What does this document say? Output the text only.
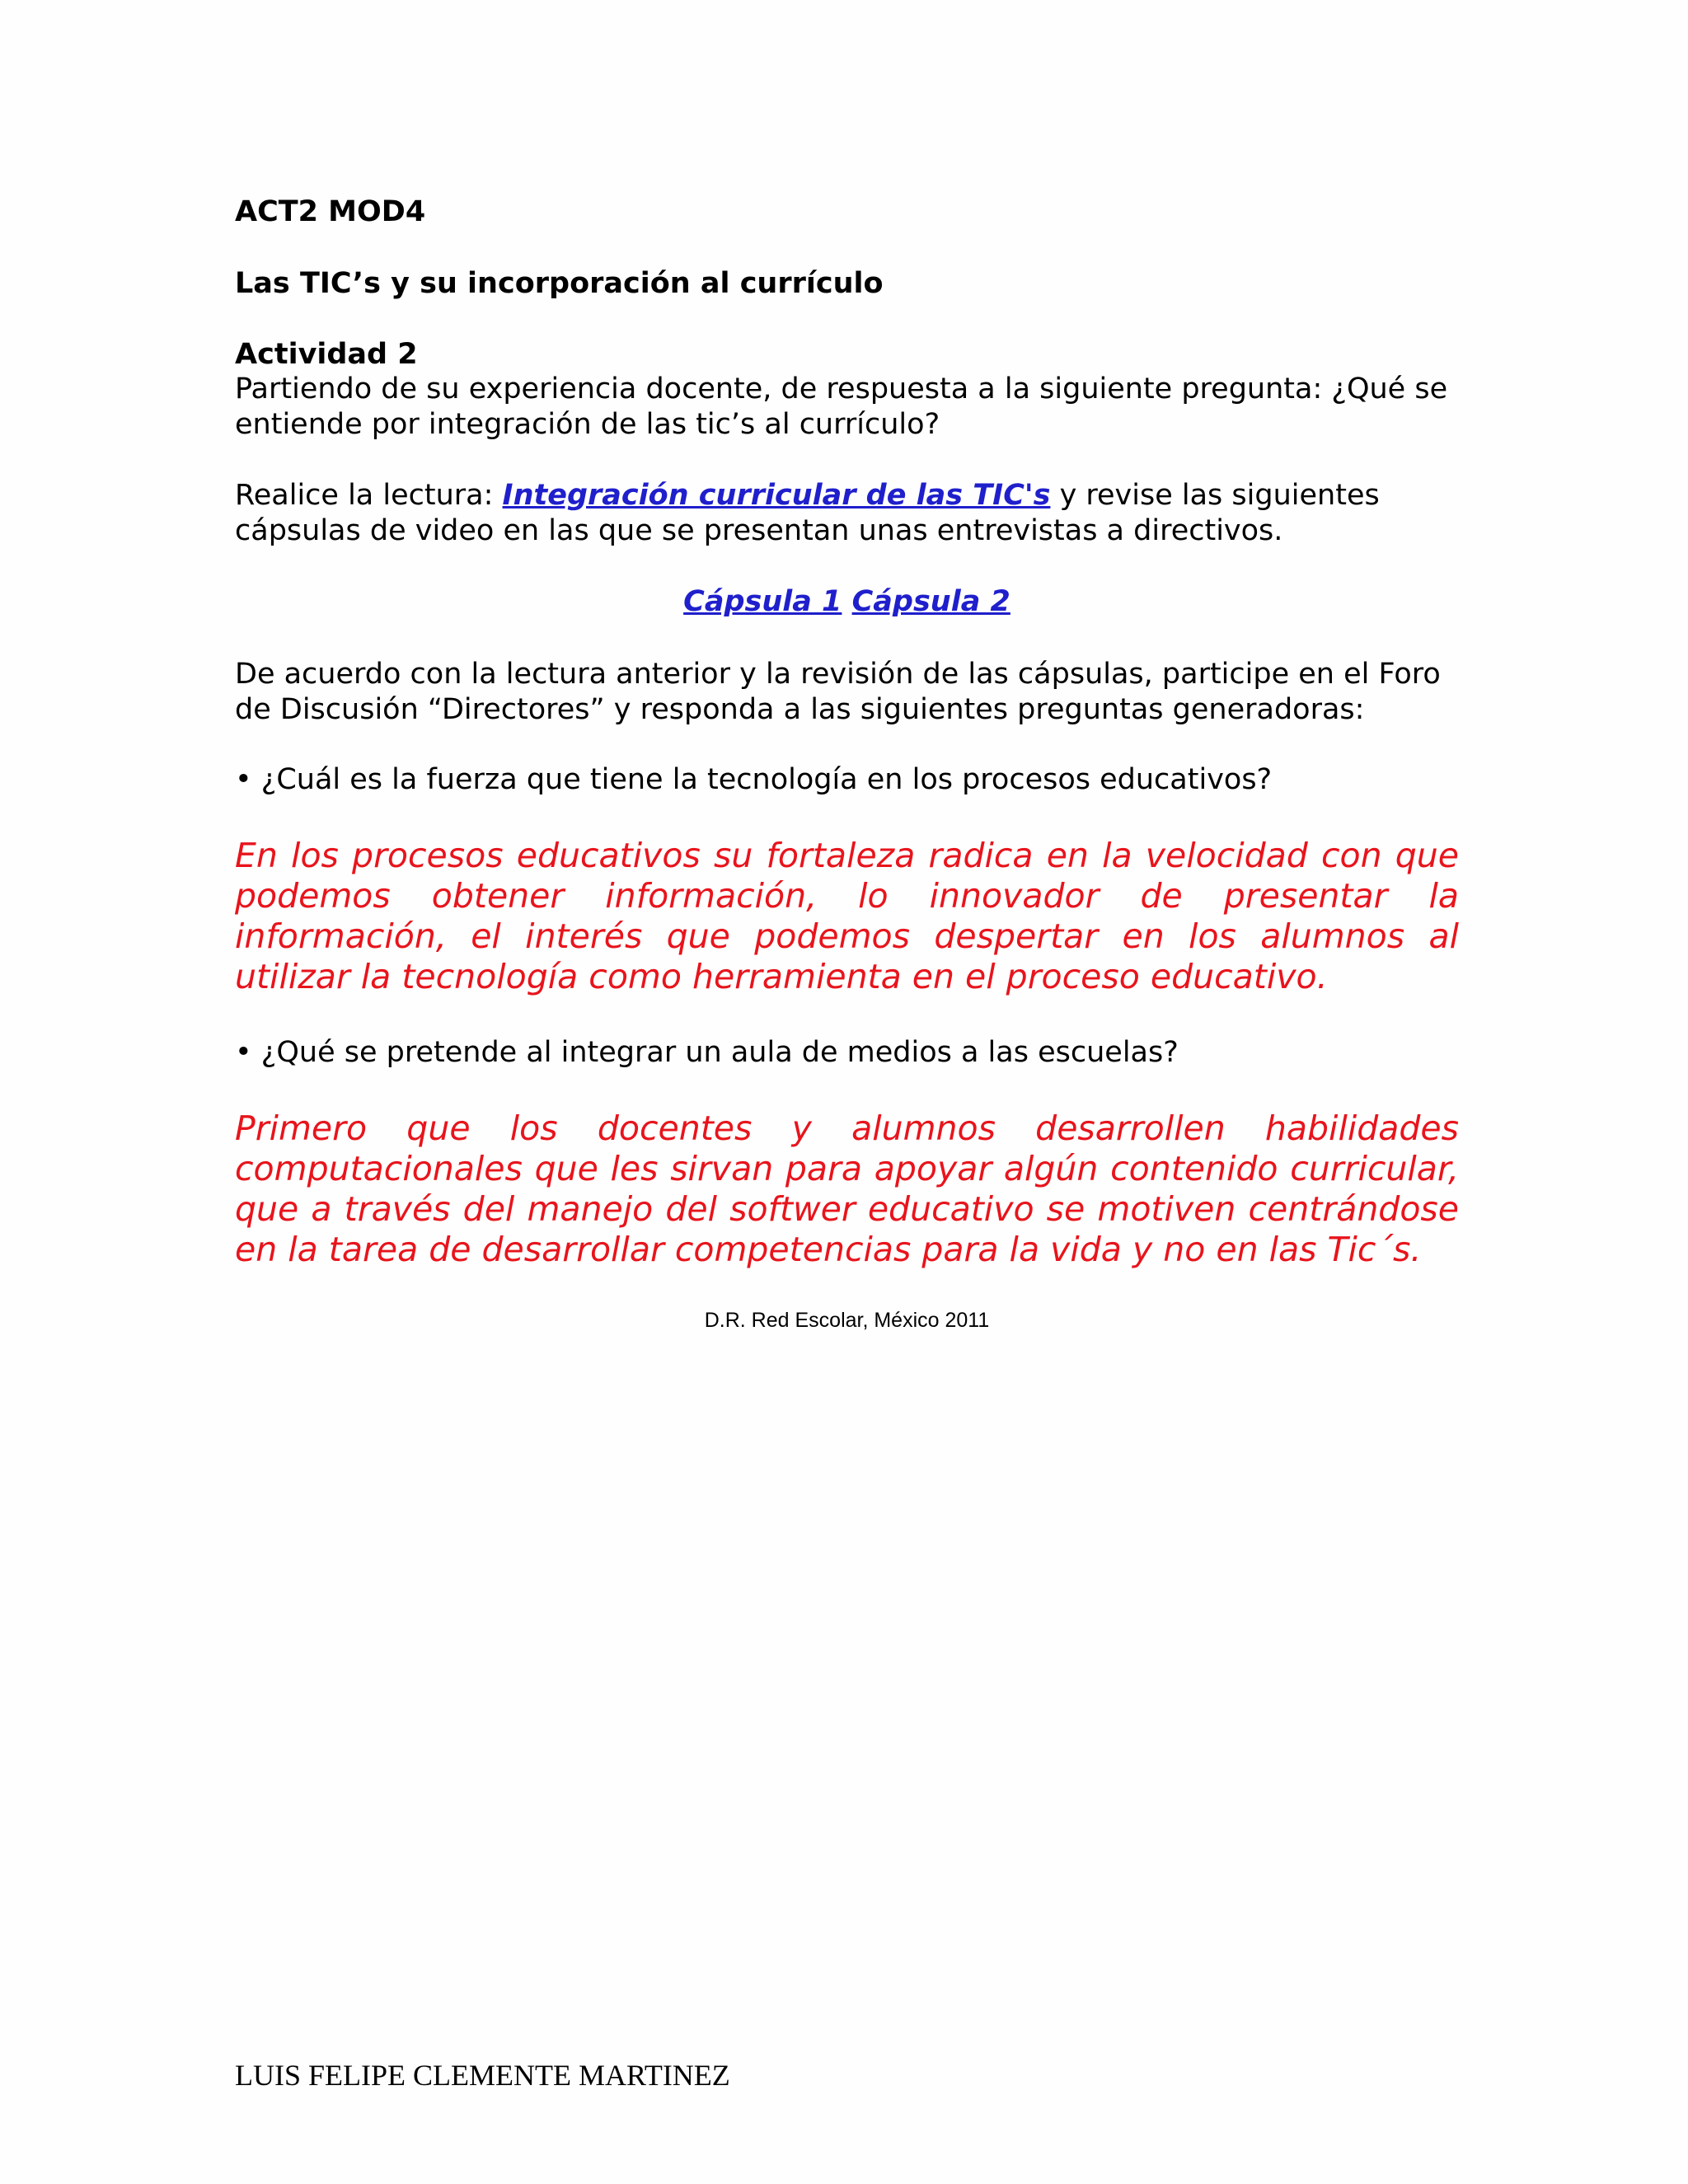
ACT2 MOD4

Las TIC’s y su incorporación al currículo

Actividad 2

Partiendo de su experiencia docente, de respuesta a la siguiente pregunta: ¿Qué se entiende por integración de las tic’s al currículo?

Realice la lectura: Integración curricular de las TIC's y revise las siguientes cápsulas de video en las que se presentan unas entrevistas a directivos.

Cápsula 1 Cápsula 2

De acuerdo con la lectura anterior y la revisión de las cápsulas, participe en el Foro de Discusión “Directores” y responda a las siguientes preguntas generadoras:

• ¿Cuál es la fuerza que tiene la tecnología en los procesos educativos?

En los procesos educativos su fortaleza radica en la velocidad con que podemos obtener información, lo innovador de presentar la información, el interés que podemos despertar en los alumnos al utilizar la tecnología como herramienta en el proceso educativo.

• ¿Qué se pretende al integrar un aula de medios a las escuelas?

Primero que los docentes y alumnos desarrollen habilidades computacionales que les sirvan para apoyar algún contenido curricular, que a través del manejo del softwer educativo se motiven centrándose en la tarea de desarrollar competencias para la vida y no en las Tic´s.

D.R. Red Escolar, México 2011

LUIS FELIPE CLEMENTE MARTINEZ
